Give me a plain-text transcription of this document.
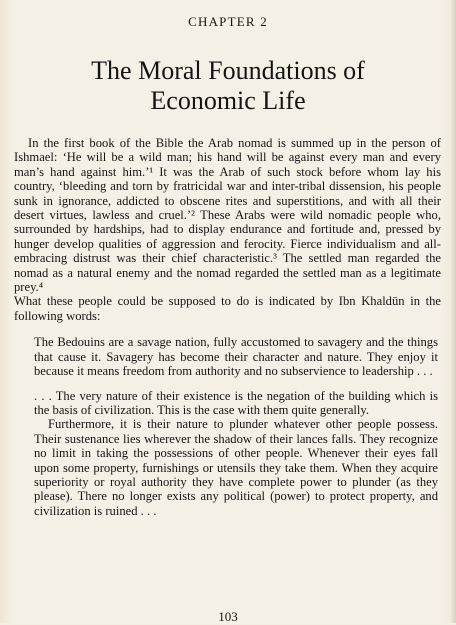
CHAPTER 2
The Moral Foundations of
Economic Life

In the first book of the Bible the Arab nomad is summed up in the person of Ishmael: ‘He will be a wild man; his hand will be against every man and every man’s hand against him.’¹ It was the Arab of such stock before whom lay his country, ‘bleeding and torn by fratricidal war and inter-tribal dissension, his people sunk in ignorance, addicted to obscene rites and superstitions, and with all their desert virtues, lawless and cruel.’² These Arabs were wild nomadic people who, surrounded by hardships, had to display endurance and fortitude and, pressed by hunger develop qualities of aggression and ferocity. Fierce individualism and all-embracing distrust was their chief characteristic.³ The settled man regarded the nomad as a natural enemy and the nomad regarded the settled man as a legitimate prey.⁴

What these people could be supposed to do is indicated by Ibn Khaldūn in the following words:

The Bedouins are a savage nation, fully accustomed to savagery and the things that cause it. Savagery has become their character and nature. They enjoy it because it means freedom from authority and no subservience to leadership . . .

. . . The very nature of their existence is the negation of the building which is the basis of civilization. This is the case with them quite generally.

Furthermore, it is their nature to plunder whatever other people possess. Their sustenance lies wherever the shadow of their lances falls. They recognize no limit in taking the possessions of other people. Whenever their eyes fall upon some property, furnishings or utensils they take them. When they acquire superiority or royal authority they have complete power to plunder (as they please). There no longer exists any political (power) to protect property, and civilization is ruined . . .

103
